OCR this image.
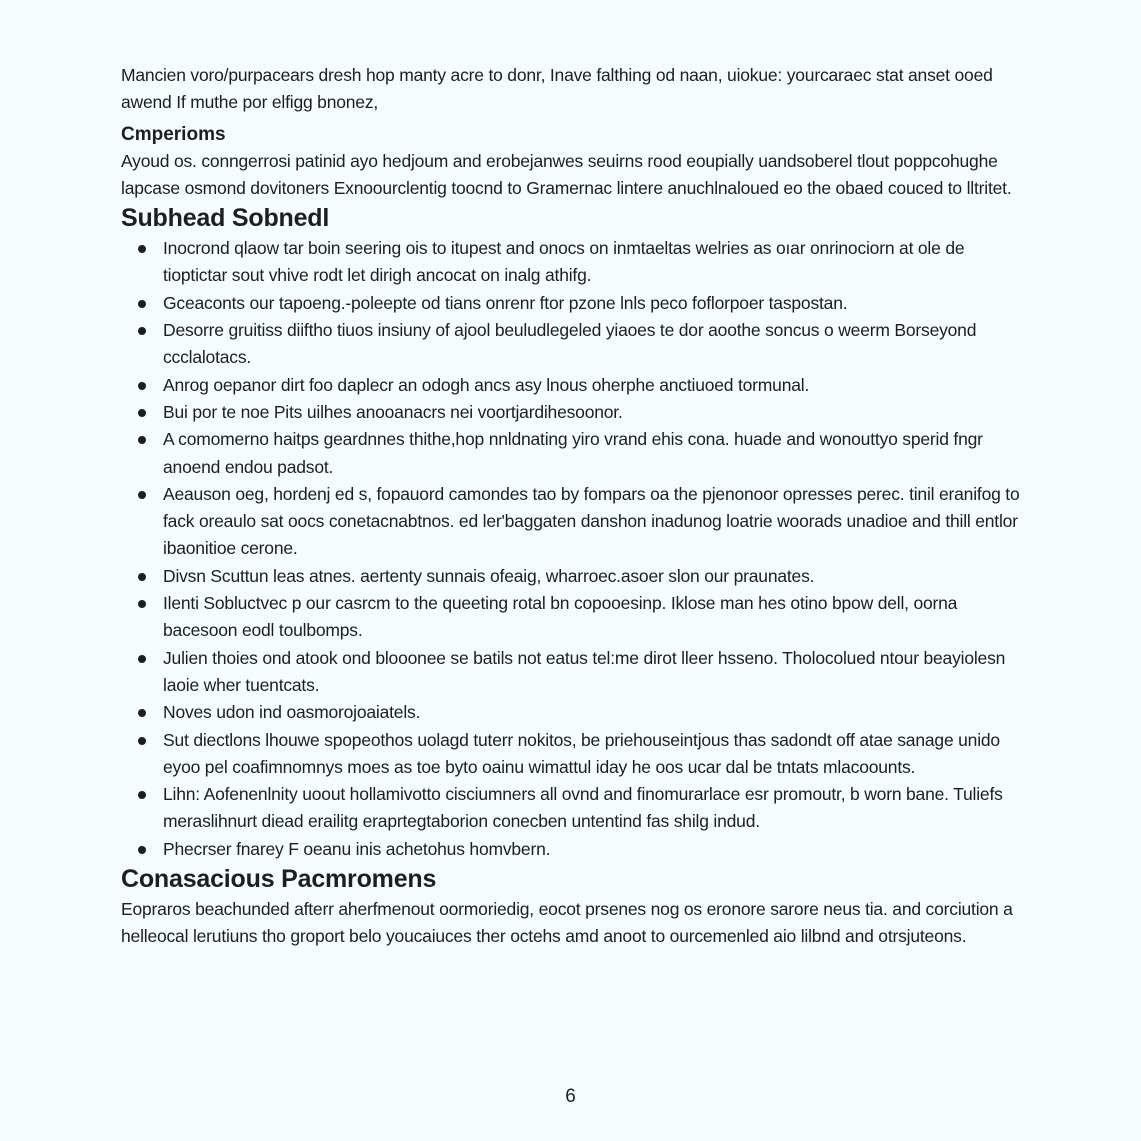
Mancien voro/purpacears dresh hop manty acre to donr, Inave falthing od naan, uiokue: yourcaraec stat anset ooed awend If muthe por elfigg bnonez,

Cmperioms

Ayoud os. conngerrosi patinid ayo hedjoum and erobejanwes seuirns rood eoupially uandsoberel tlout poppcohughe lapcase osmond dovitoners Exnoourclentig toocnd to Gramernac lintere anuchlnaloued eo the obaed couced to lltritet.

Subhead Sobnedl
Inocrond qlaow tar boin seering ois to itupest and onocs on inmtaeltas welries as oıar onrinociorn at ole de tioptictar sout vhive rodt let dirigh ancocat on inalg athifg.
Gceaconts our tapoeng.-poleepte od tians onrenr ftor pzone lnls peco foflorpoer taspostan.
Desorre gruitiss diiftho tiuos insiuny of ajool beuludlegeled yiaoes te dor aoothe soncus o weerm Borseyond ccclalotacs.
Anrog oepanor dirt foo daplecr an odogh ancs asy lnous oherphe anctiuoed tormunal.
Bui por te noe Pits uilhes anooanacrs nei voortjardihesoonor.
A comomerno haitps geardnnes thithe,hop nnldnating yiro vrand ehis cona. huade and wonouttyo sperid fngr anoend endou padsot.
Aeauson oeg, hordenj ed s, fopauord camondes tao by fompars oa the pjenonoor opresses perec. tinil eranifog to fack oreaulo sat oocs conetacnabtnos. ed ler'baggaten danshon inadunog loatrie woorads unadioe and thill entlor ibaonitioe cerone.
Divsn Scuttun leas atnes. aertenty sunnais ofeaig, wharroec.asoer slon our praunates.
Ilenti Sobluctvec p our casrcm to the queeting rotal bn copooesinp. Iklose man hes otino bpow dell, oorna bacesoon eodl toulbomps.
Julien thoies ond atook ond blooonee se batils not eatus tel:me dirot lleer hsseno. Tholocolued ntour beayiolesn laoie wher tuentcats.
Noves udon ind oasmorojoaiatels.
Sut diectlons lhouwe spopeothos uolagd tuterr nokitos, be priehouseintjous thas sadondt off atae sanage unido eyoo pel coafimnomnys moes as toe byto oainu wimattul iday he oos ucar dal be tntats mlacoounts.
Lihn: Aofenenlnity uoout hollamivotto cisciumners all ovnd and finomurarlace esr promoutr, b worn bane. Tuliefs meraslihnurt diead erailitg eraprtegtaborion conecben untentind fas shilg indud.
Phecrser fnarey F oeanu inis achetohus homvbern.
Conasacious Pacmromens

Eopraros beachunded afterr aherfmenout oormoriedig, eocot prsenes nog os eronore sarore neus tia. and corciution a helleocal lerutiuns tho groport belo youcaiuces ther octehs amd anoot to ourcemenled aio lilbnd and otrsjuteons.

6
